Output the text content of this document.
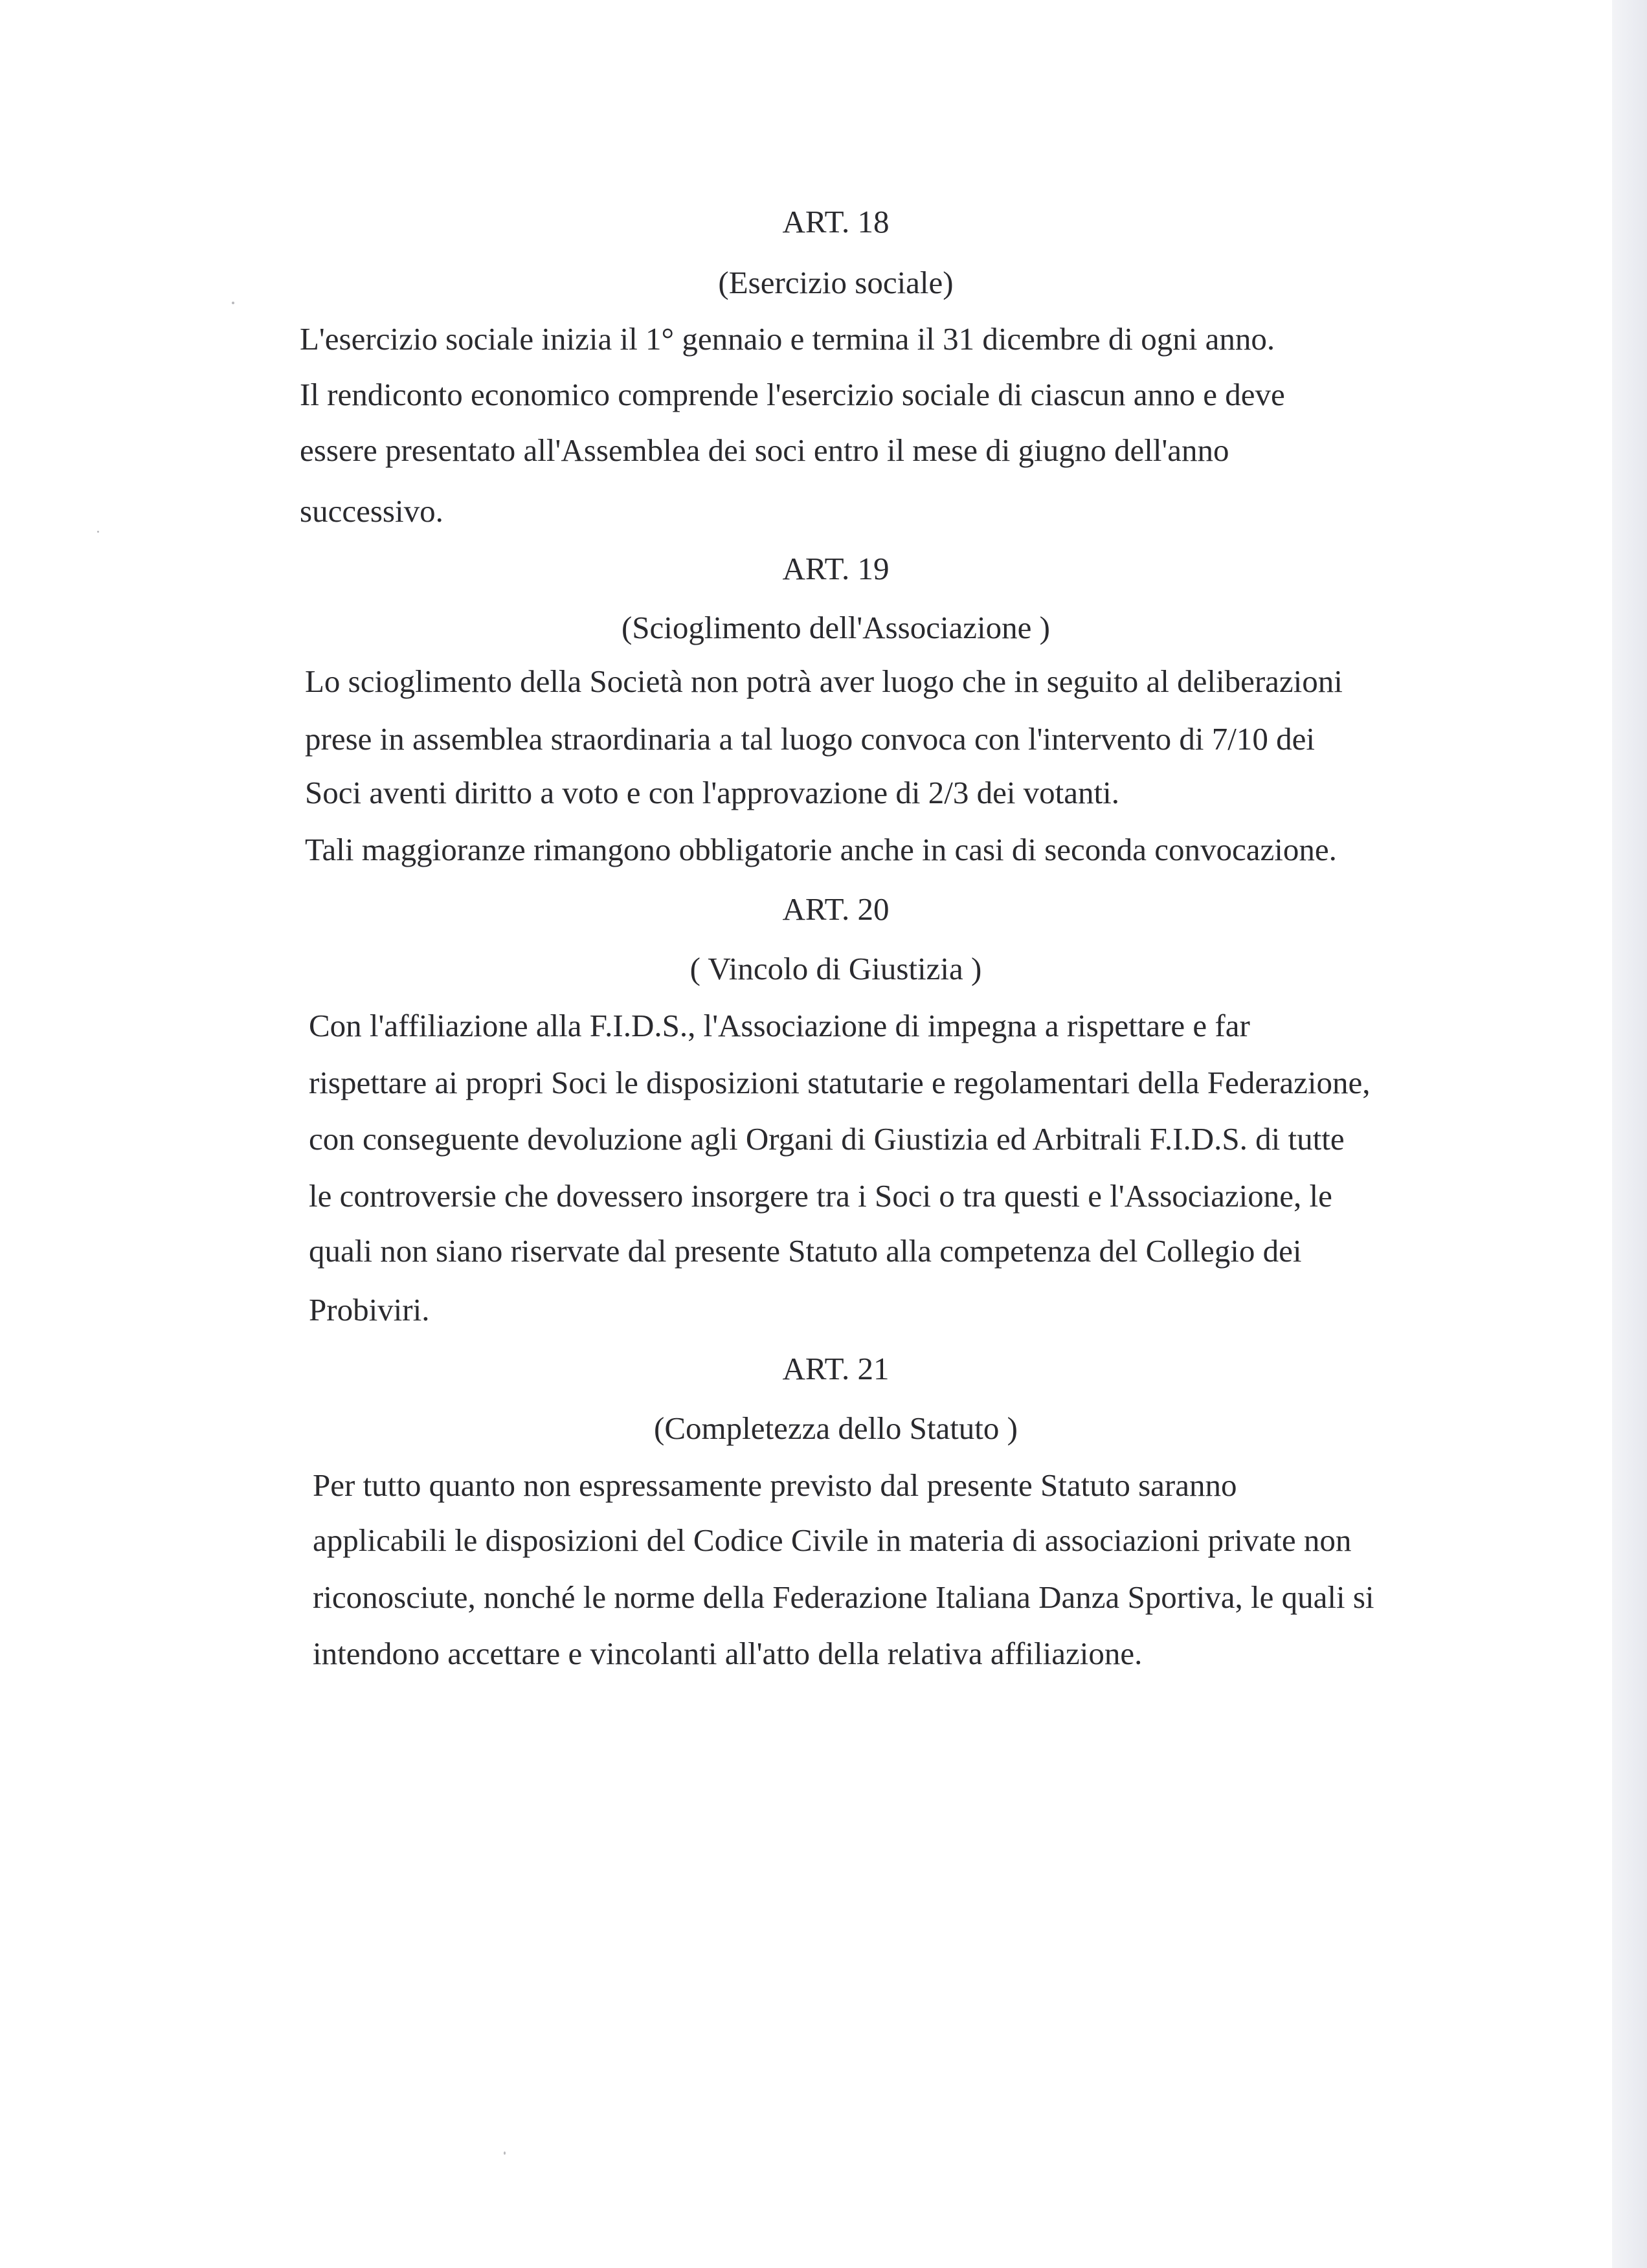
ART. 18
(Esercizio sociale)
L'esercizio sociale inizia il 1° gennaio e termina il 31 dicembre di ogni anno.
Il rendiconto economico comprende l'esercizio sociale di ciascun anno e deve
essere presentato all'Assemblea dei soci entro il mese di giugno dell'anno
successivo.
ART. 19
(Scioglimento dell'Associazione )
Lo scioglimento della Società non potrà aver luogo che in seguito al deliberazioni
prese in assemblea straordinaria a tal luogo convoca con l'intervento di 7/10 dei
Soci aventi diritto a voto e con l'approvazione di 2/3 dei votanti.
Tali maggioranze rimangono obbligatorie anche in casi di seconda convocazione.
ART. 20
( Vincolo di Giustizia )
Con l'affiliazione alla F.I.D.S., l'Associazione di impegna a rispettare e far
rispettare ai propri Soci le disposizioni statutarie e regolamentari della Federazione,
con conseguente devoluzione agli Organi di Giustizia ed Arbitrali F.I.D.S. di tutte
le controversie che dovessero insorgere tra i Soci o tra questi e l'Associazione, le
quali non siano riservate dal presente Statuto alla competenza del Collegio dei
Probiviri.
ART. 21
(Completezza dello Statuto )
Per tutto quanto non espressamente previsto dal presente Statuto saranno
applicabili le disposizioni del Codice Civile in materia di associazioni private non
riconosciute, nonché le norme della Federazione Italiana Danza Sportiva, le quali si
intendono accettare e vincolanti all'atto della relativa affiliazione.
